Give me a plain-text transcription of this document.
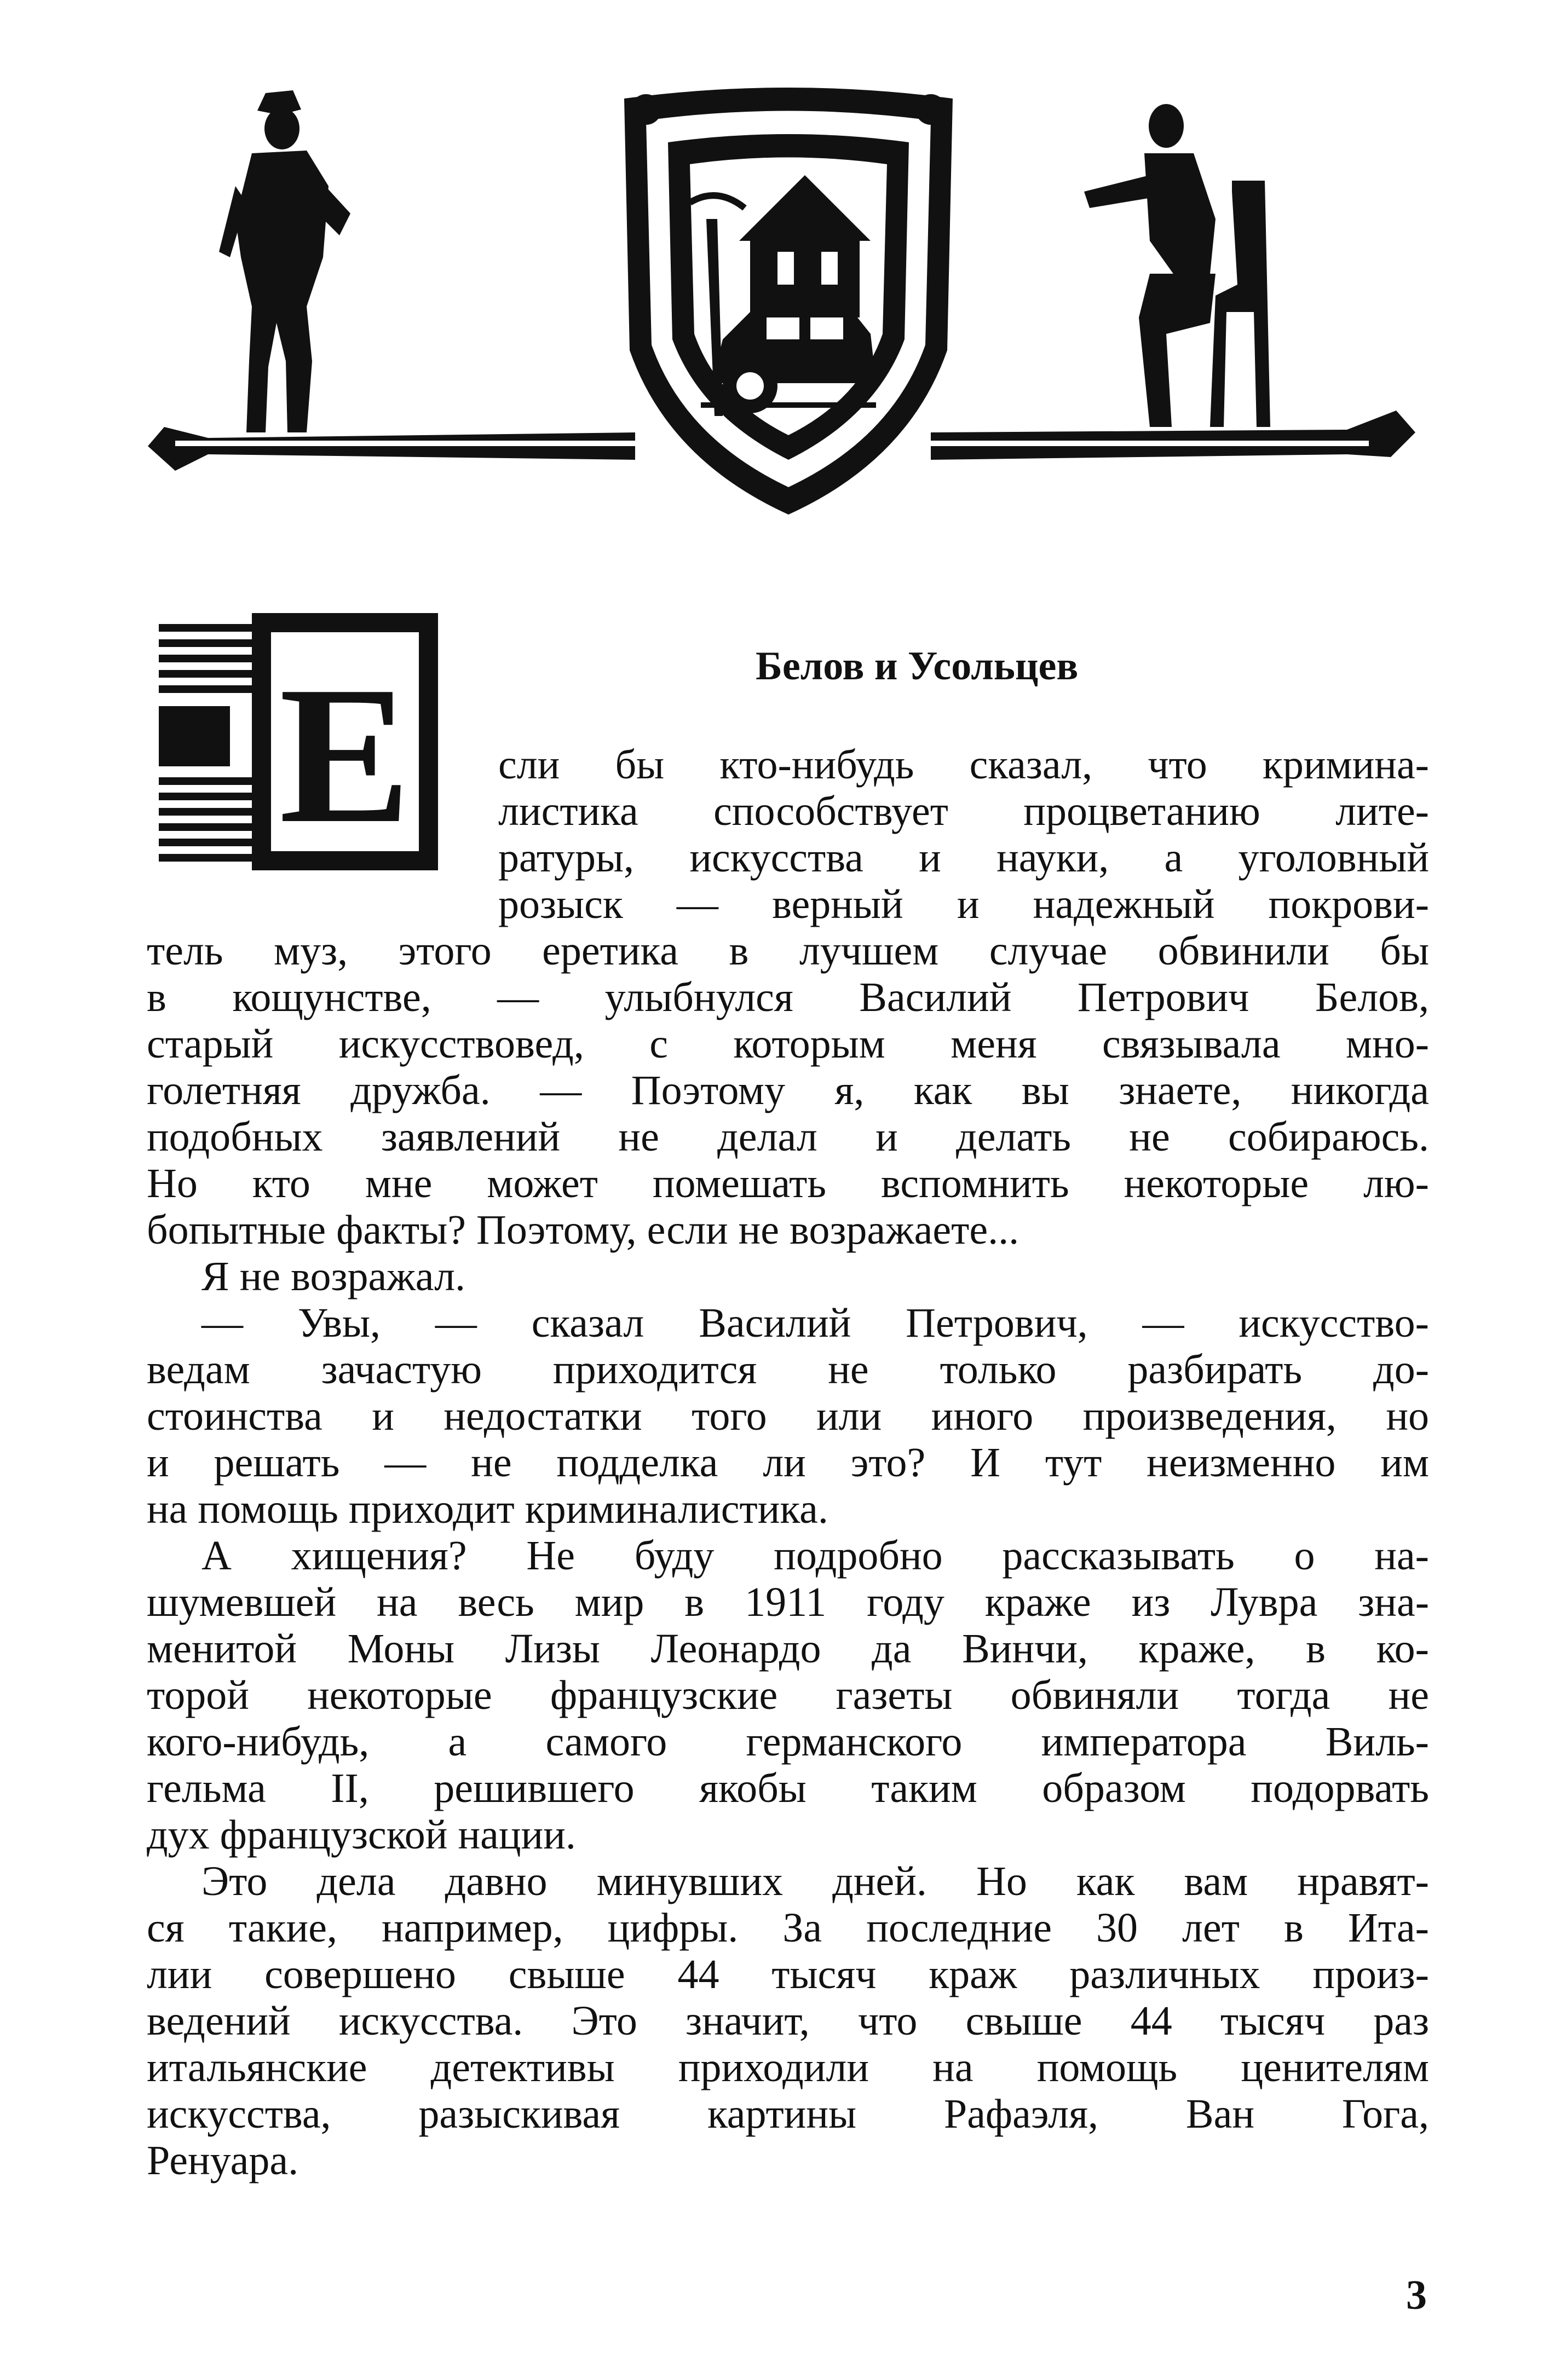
Е	Белов и Усольцев
сли бы кто-нибудь сказал, что кримина-
листика способствует процветанию лите-
ратуры, искусства и науки, а уголовный
розыск — верный и надежный покрови-
тель муз, этого еретика в лучшем случае обвинили бы
в кощунстве, — улыбнулся Василий Петрович Белов,
старый искусствовед, с которым меня связывала мно-
голетняя дружба. — Поэтому я, как вы знаете, никогда
подобных заявлений не делал и делать не собираюсь.
Но кто мне может помешать вспомнить некоторые лю-
бопытные факты? Поэтому, если не возражаете...
Я не возражал.
— Увы, — сказал Василий Петрович, — искусство-
ведам зачастую приходится не только разбирать до-
стоинства и недостатки того или иного произведения, но
и решать — не подделка ли это? И тут неизменно им
на помощь приходит криминалистика.
А хищения? Не буду подробно рассказывать о на-
шумевшей на весь мир в 1911 году краже из Лувра зна-
менитой Моны Лизы Леонардо да Винчи, краже, в ко-
торой некоторые французские газеты обвиняли тогда не
кого-нибудь, а самого германского императора Виль-
гельма II, решившего якобы таким образом подорвать
дух французской нации.
Это дела давно минувших дней. Но как вам нравят-
ся такие, например, цифры. За последние 30 лет в Ита-
лии совершено свыше 44 тысяч краж различных произ-
ведений искусства. Это значит, что свыше 44 тысяч раз
итальянские детективы приходили на помощь ценителям
искусства, разыскивая картины Рафаэля, Ван Гога,
Ренуара.
3
